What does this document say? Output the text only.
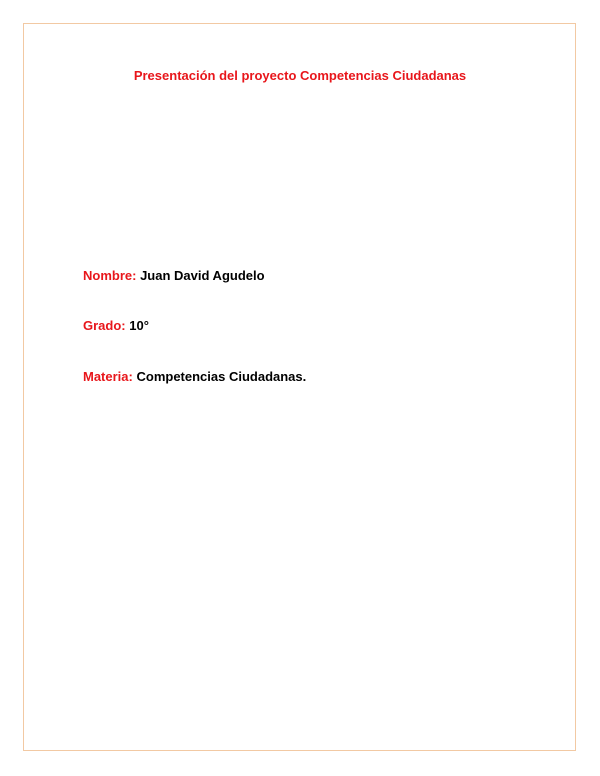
Presentación del proyecto Competencias Ciudadanas
Nombre: Juan David Agudelo
Grado: 10°
Materia: Competencias Ciudadanas.
